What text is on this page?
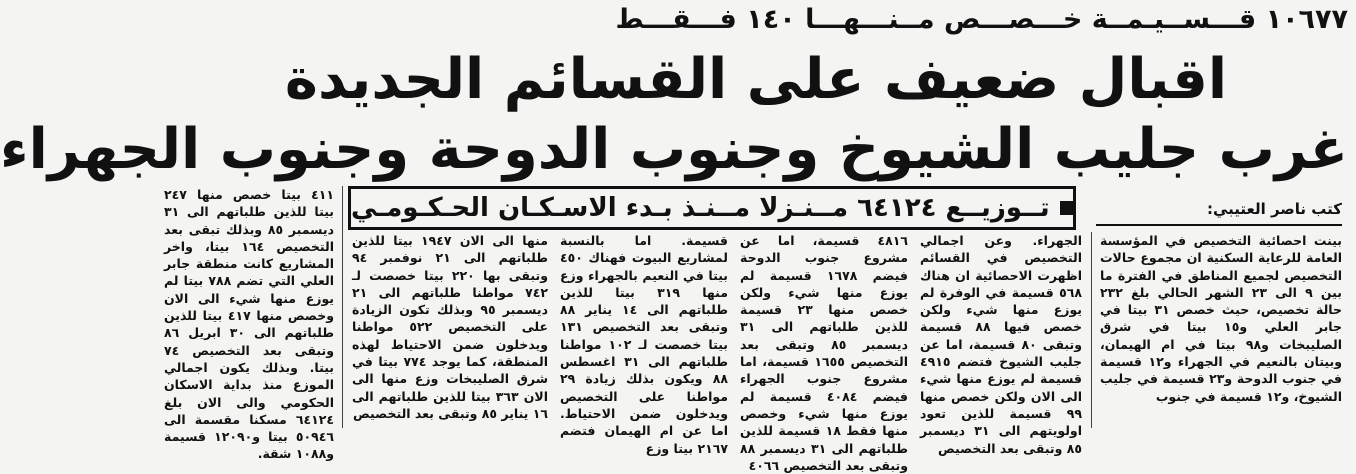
١٠٦٧٧ قـــســيـمــة خـــصـــص مــنـــهـــا ١٤٠ فـــقـــط
اقبال ضعيف على القسائم الجديدة
غرب جليب الشيوخ وجنوب الدوحة وجنوب الجهراء
تــوزيــع ٦٤١٢٤ مــنـزلا مــنـذ بـدء الاسـكـان الحـكـومـي	كتب ناصر العتيبي:

بينت احصائية التخصيص في المؤسسة العامة للرعاية السكنية ان مجموع حالات التخصيص لجميع المناطق في الفترة ما بين ٩ الى ٢٣ الشهر الحالي بلغ ٢٣٢ حالة تخصيص، حيث خصص ٣١ بيتا في جابر العلي و١٥ بيتا في شرق الصليبخات و٩٨ بيتا في ام الهيمان، وبيتان بالنعيم في الجهراء و١٢ قسيمة في جنوب الدوحة و٢٣ قسيمة في جليب الشيوخ، و١٢ قسيمة في جنوب

الجهراء. وعن اجمالي التخصيص في القسائم اظهرت الاحصائية ان هناك ٥٦٨ قسيمة في الوفرة لم يوزع منها شيء ولكن خصص فيها ٨٨ قسيمة وتبقى ٨٠ قسيمة، اما عن جليب الشيوخ فتضم ٤٩١٥ قسيمة لم يوزع منها شيء الى الان ولكن خصص منها ٩٩ قسيمة للذين تعود اولويتهم الى ٣١ ديسمبر ٨٥ وتبقى بعد التخصيص

٤٨١٦ قسيمة، اما عن مشروع جنوب الدوحة فيضم ١٦٧٨ قسيمة لم يوزع منها شيء ولكن خصص منها ٢٣ قسيمة للذين طلباتهم الى ٣١ ديسمبر ٨٥ وتبقى بعد التخصيص ١٦٥٥ قسيمة، اما مشروع جنوب الجهراء فيضم ٤٠٨٤ قسيمة لم يوزع منها شيء وخصص منها فقط ١٨ قسيمة للذين طلباتهم الى ٣١ ديسمبر ٨٨ وتبقى بعد التخصيص ٤٠٦٦

قسيمة. اما بالنسبة لمشاريع البيوت فهناك ٤٥٠ بيتا في النعيم بالجهراء وزع منها ٣١٩ بيتا للذين طلباتهم الى ١٤ يناير ٨٨ وتبقى بعد التخصيص ١٣١ بيتا خصصت لـ ١٠٢ مواطنا طلباتهم الى ٣١ اغسطس ٨٨ ويكون بذلك زيادة ٢٩ مواطنا على التخصيص ويدخلون ضمن الاحتياط. اما عن ام الهيمان فتضم ٢١٦٧ بيتا وزع

منها الى الان ١٩٤٧ بيتا للذين طلباتهم الى ٢١ نوفمبر ٩٤ وتبقى بها ٢٢٠ بيتا خصصت لـ ٧٤٢ مواطنا طلباتهم الى ٢١ ديسمبر ٩٥ وبذلك تكون الزيادة على التخصيص ٥٢٢ مواطنا ويدخلون ضمن الاحتياط لهذه المنطقة، كما يوجد ٧٧٤ بيتا في شرق الصليبخات وزع منها الى الان ٣٦٣ بيتا للذين طلباتهم الى ١٦ يناير ٨٥ وتبقى بعد التخصيص

٤١١ بيتا خصص منها ٢٤٧ بيتا للذين طلباتهم الى ٣١ ديسمبر ٨٥ وبذلك تبقى بعد التخصيص ١٦٤ بيتا، واخر المشاريع كانت منطقة جابر العلي التي تضم ٧٨٨ بيتا لم يوزع منها شيء الى الان وخصص منها ٤١٧ بيتا للذين طلباتهم الى ٣٠ ابريل ٨٦ وتبقى بعد التخصيص ٧٤ بيتا. وبذلك يكون اجمالي الموزع منذ بداية الاسكان الحكومي والى الان بلغ ٦٤١٢٤ مسكنا مقسمة الى ٥٠٩٤٦ بيتا و١٢٠٩٠ قسيمة و١٠٨٨ شقة.
